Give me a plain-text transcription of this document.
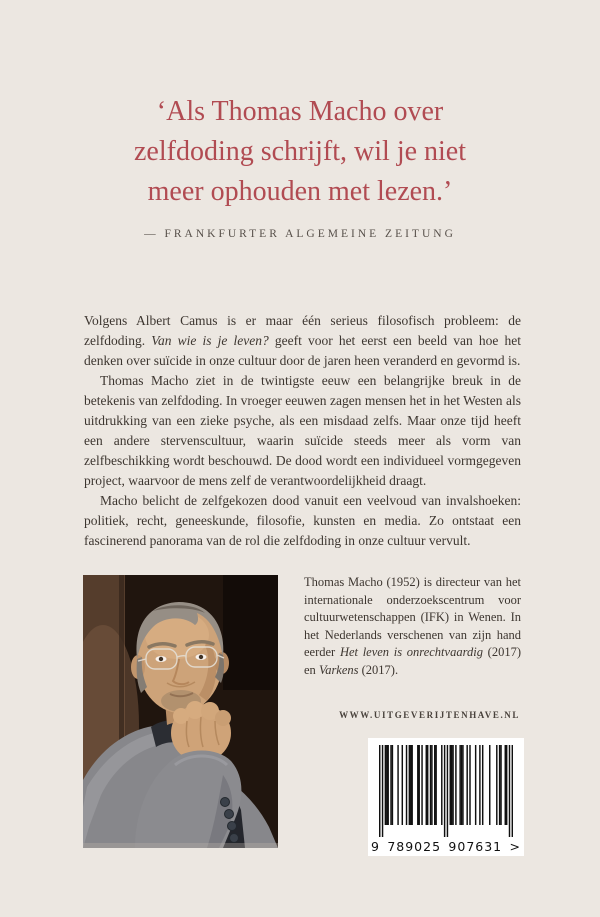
‘Als Thomas Macho over
zelfdoding schrijft, wil je niet
meer ophouden met lezen.’
— FRANKFURTER ALGEMEINE ZEITUNG

Volgens Albert Camus is er maar één serieus filosofisch probleem: de zelfdoding. Van wie is je leven? geeft voor het eerst een beeld van hoe het denken over suïcide in onze cultuur door de jaren heen veranderd en gevormd is.

Thomas Macho ziet in de twintigste eeuw een belangrijke breuk in de betekenis van zelfdoding. In vroeger eeuwen zagen mensen het in het Westen als uitdrukking van een zieke psyche, als een misdaad zelfs. Maar onze tijd heeft een andere stervenscultuur, waarin suïcide steeds meer als vorm van zelfbeschikking wordt beschouwd. De dood wordt een individueel vormgegeven project, waarvoor de mens zelf de verantwoordelijkheid draagt.

Macho belicht de zelfgekozen dood vanuit een veelvoud van invalshoeken: politiek, recht, geneeskunde, filosofie, kunsten en media. Zo ontstaat een fascinerend panorama van de rol die zelfdoding in onze cultuur vervult.

Thomas Macho (1952) is directeur van het internationale onderzoekscentrum voor cultuurwetenschappen (IFK) in Wenen. In het Nederlands verschenen van zijn hand eerder Het leven is onrechtvaardig (2017) en Varkens (2017).
WWW.UITGEVERIJTENHAVE.NL
9 789025 907631 >
